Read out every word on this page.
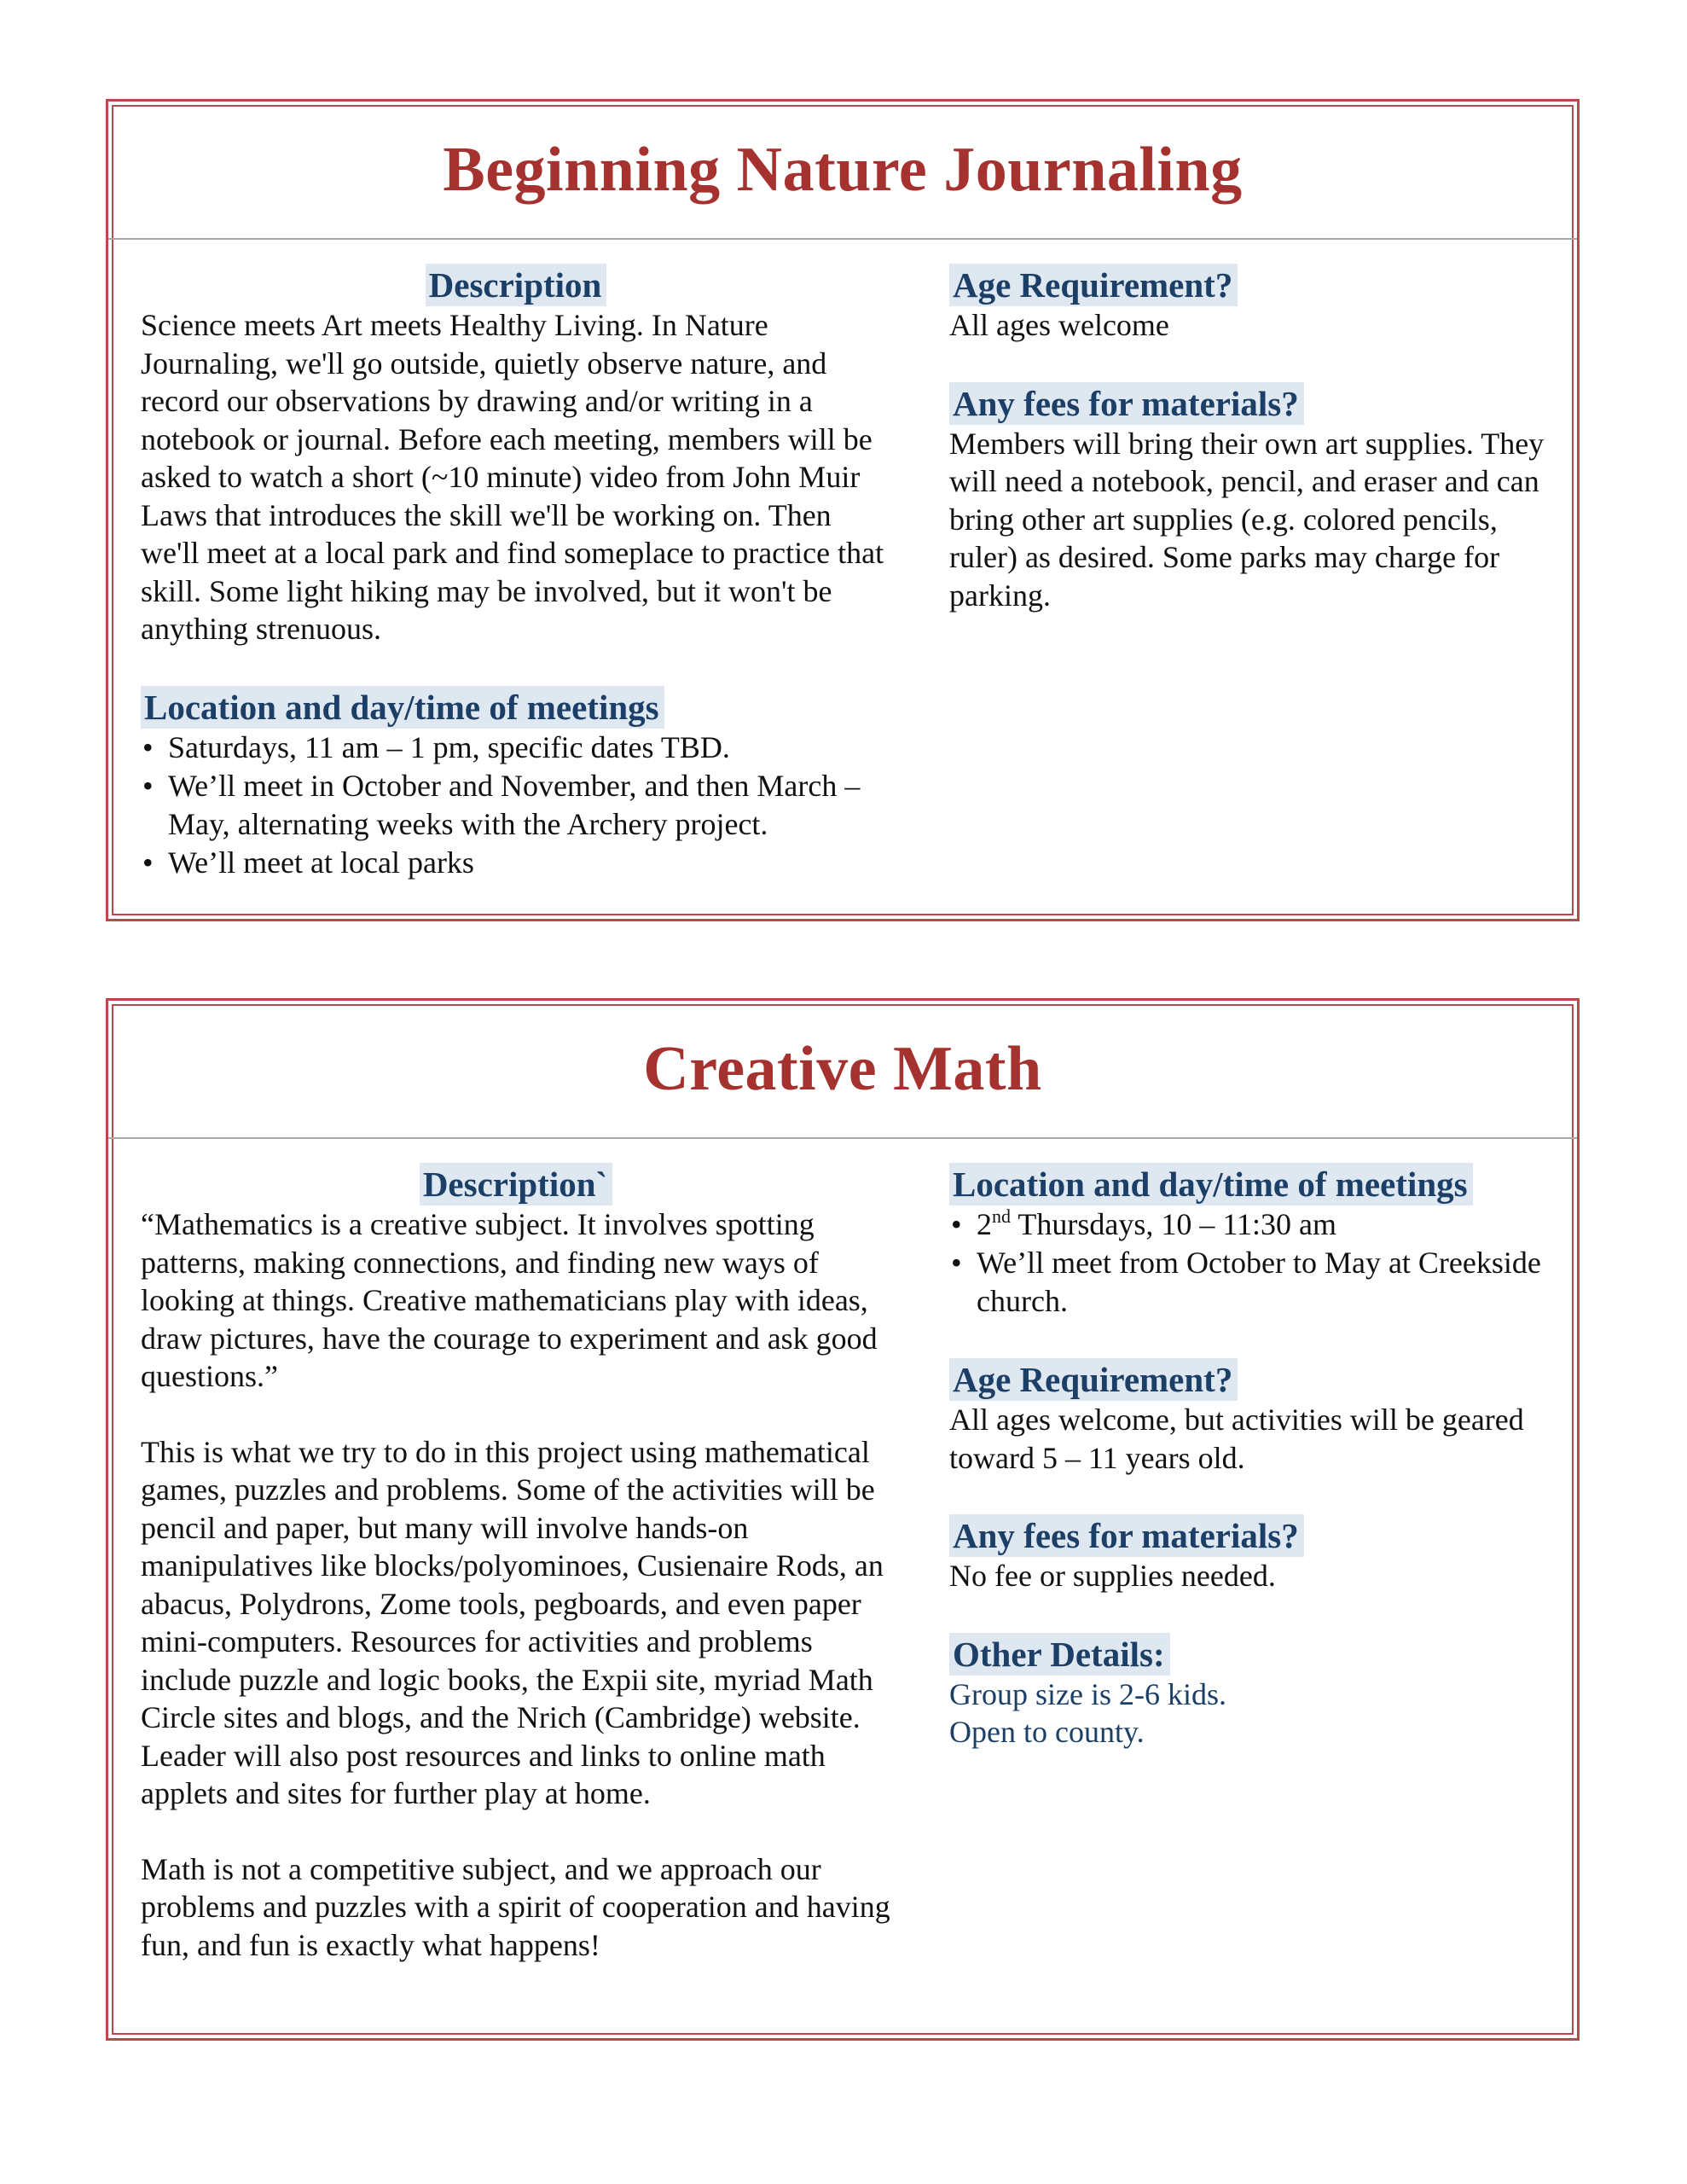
Beginning Nature Journaling
Description

Science meets Art meets Healthy Living. In Nature Journaling, we'll go outside, quietly observe nature, and record our observations by drawing and/or writing in a notebook or journal. Before each meeting, members will be asked to watch a short (~10 minute) video from John Muir Laws that introduces the skill we'll be working on. Then we'll meet at a local park and find someplace to practice that skill. Some light hiking may be involved, but it won't be anything strenuous.

Location and day/time of meetings
• Saturdays, 11 am – 1 pm, specific dates TBD.
• We’ll meet in October and November, and then March – May, alternating weeks with the Archery project.
• We’ll meet at local parks
Age Requirement?

All ages welcome

Any fees for materials?

Members will bring their own art supplies. They will need a notebook, pencil, and eraser and can bring other art supplies (e.g. colored pencils, ruler) as desired. Some parks may charge for parking.

Creative Math
Description`

“Mathematics is a creative subject. It involves spotting patterns, making connections, and finding new ways of looking at things. Creative mathematicians play with ideas, draw pictures, have the courage to experiment and ask good questions.”

This is what we try to do in this project using mathematical games, puzzles and problems. Some of the activities will be pencil and paper, but many will involve hands-on manipulatives like blocks/polyominoes, Cusienaire Rods, an abacus, Polydrons, Zome tools, pegboards, and even paper mini-computers. Resources for activities and problems include puzzle and logic books, the Expii site, myriad Math Circle sites and blogs, and the Nrich (Cambridge) website. Leader will also post resources and links to online math applets and sites for further play at home.

Math is not a competitive subject, and we approach our problems and puzzles with a spirit of cooperation and having fun, and fun is exactly what happens!

Location and day/time of meetings
• 2nd Thursdays, 10 – 11:30 am
• We’ll meet from October to May at Creekside church.
Age Requirement?

All ages welcome, but activities will be geared toward 5 – 11 years old.

Any fees for materials?

No fee or supplies needed.

Other Details:

Group size is 2-6 kids.

Open to county.
